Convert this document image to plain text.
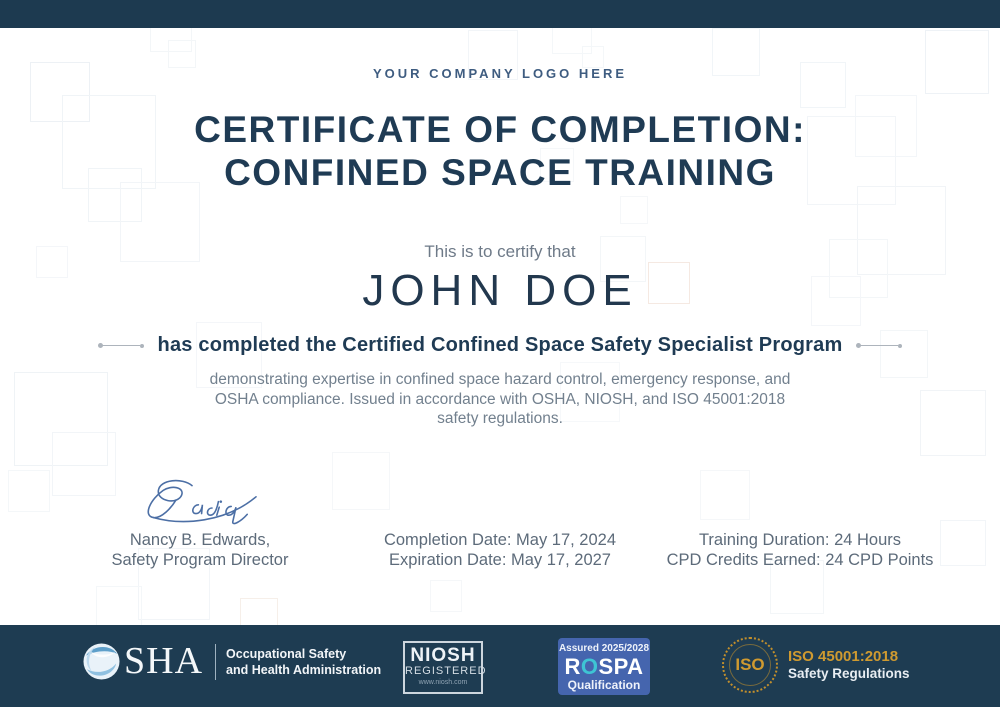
YOUR COMPANY LOGO HERE
CERTIFICATE OF COMPLETION:
CONFINED SPACE TRAINING
This is to certify that
JOHN DOE
has completed the Certified Confined Space Safety Specialist Program
demonstrating expertise in confined space hazard control, emergency response, and OSHA compliance. Issued in accordance with OSHA, NIOSH, and ISO 45001:2018 safety regulations.
Nancy B. Edwards,
Safety Program Director
Completion Date: May 17, 2024
Expiration Date: May 17, 2027
Training Duration: 24 Hours
CPD Credits Earned: 24 CPD Points
SHA Occupational Safety
and Health Administration
NIOSH
REGISTERED
www.niosh.com
Assured 2025/2028
ROSPA
Qualification
ISO	ISO 45001:2018
Safety Regulations
